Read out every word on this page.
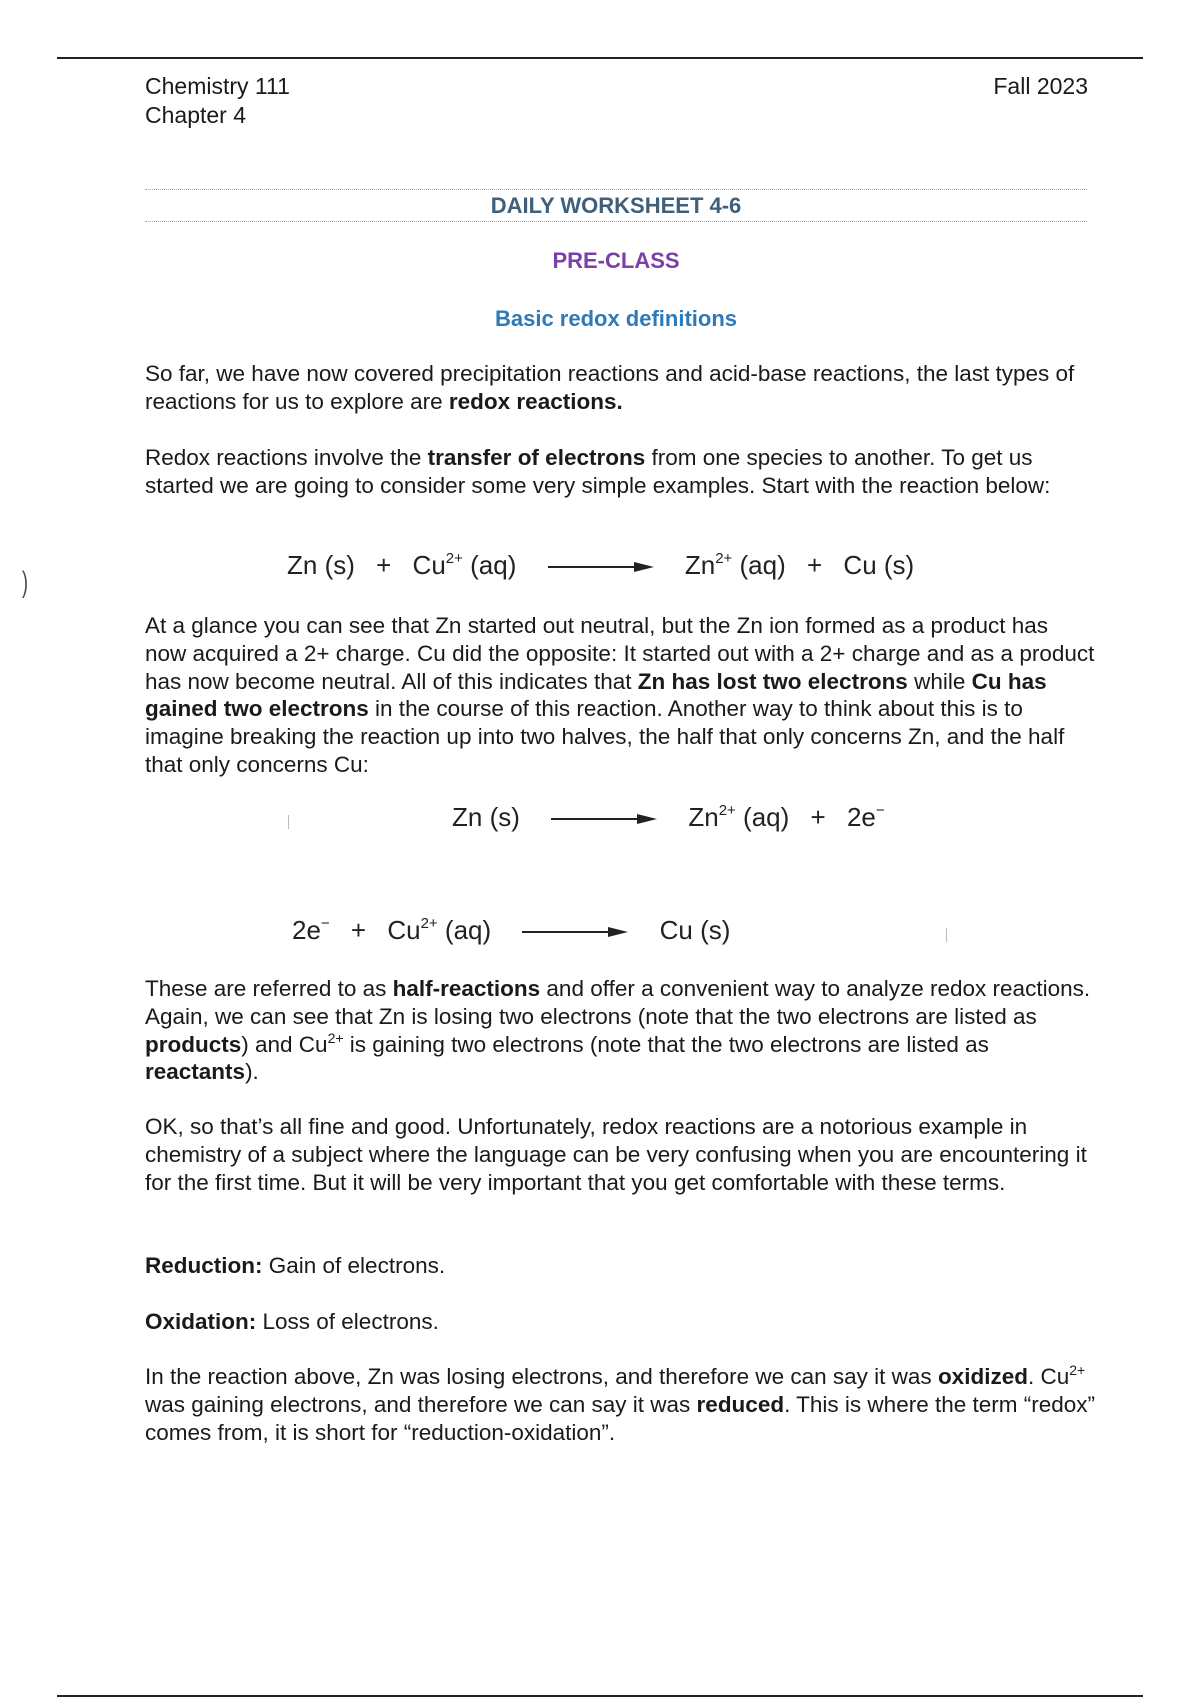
)
Chemistry 111
Chapter 4
Fall 2023
DAILY WORKSHEET 4-6
PRE-CLASS
Basic redox definitions

So far, we have now covered precipitation reactions and acid-base reactions, the last types of reactions for us to explore are redox reactions.

Redox reactions involve the transfer of electrons from one species to another. To get us started we are going to consider some very simple examples. Start with the reaction below:

Zn $(s) + Cu^{2+}$ (aq)	$Zn^{2+}$ (aq) + Cu (s)

At a glance you can see that Zn started out neutral, but the Zn ion formed as a product has now acquired a 2+ charge. Cu did the opposite: It started out with a 2+ charge and as a product has now become neutral. All of this indicates that Zn has lost two electrons while Cu has gained two electrons in the course of this reaction. Another way to think about this is to imagine breaking the reaction up into two halves, the half that only concerns Zn, and the half that only concerns Cu:

Zn (s)	$Zn^{2+}$ (aq) + 2e−
$2e^- + Cu^{2+}$ (aq)	Cu (s)

These are referred to as half-reactions and offer a convenient way to analyze redox reactions. Again, we can see that Zn is losing two electrons (note that the two electrons are listed as products) and $Cu^{2+}$ is gaining two electrons (note that the two electrons are listed as reactants).

OK, so that’s all fine and good. Unfortunately, redox reactions are a notorious example in chemistry of a subject where the language can be very confusing when you are encountering it for the first time. But it will be very important that you get comfortable with these terms.

Reduction: Gain of electrons.

Oxidation: Loss of electrons.

In the reaction above, Zn was losing electrons, and therefore we can say it was oxidized. $Cu^{2+}$ was gaining electrons, and therefore we can say it was reduced. This is where the term “redox” comes from, it is short for “reduction-oxidation”.
